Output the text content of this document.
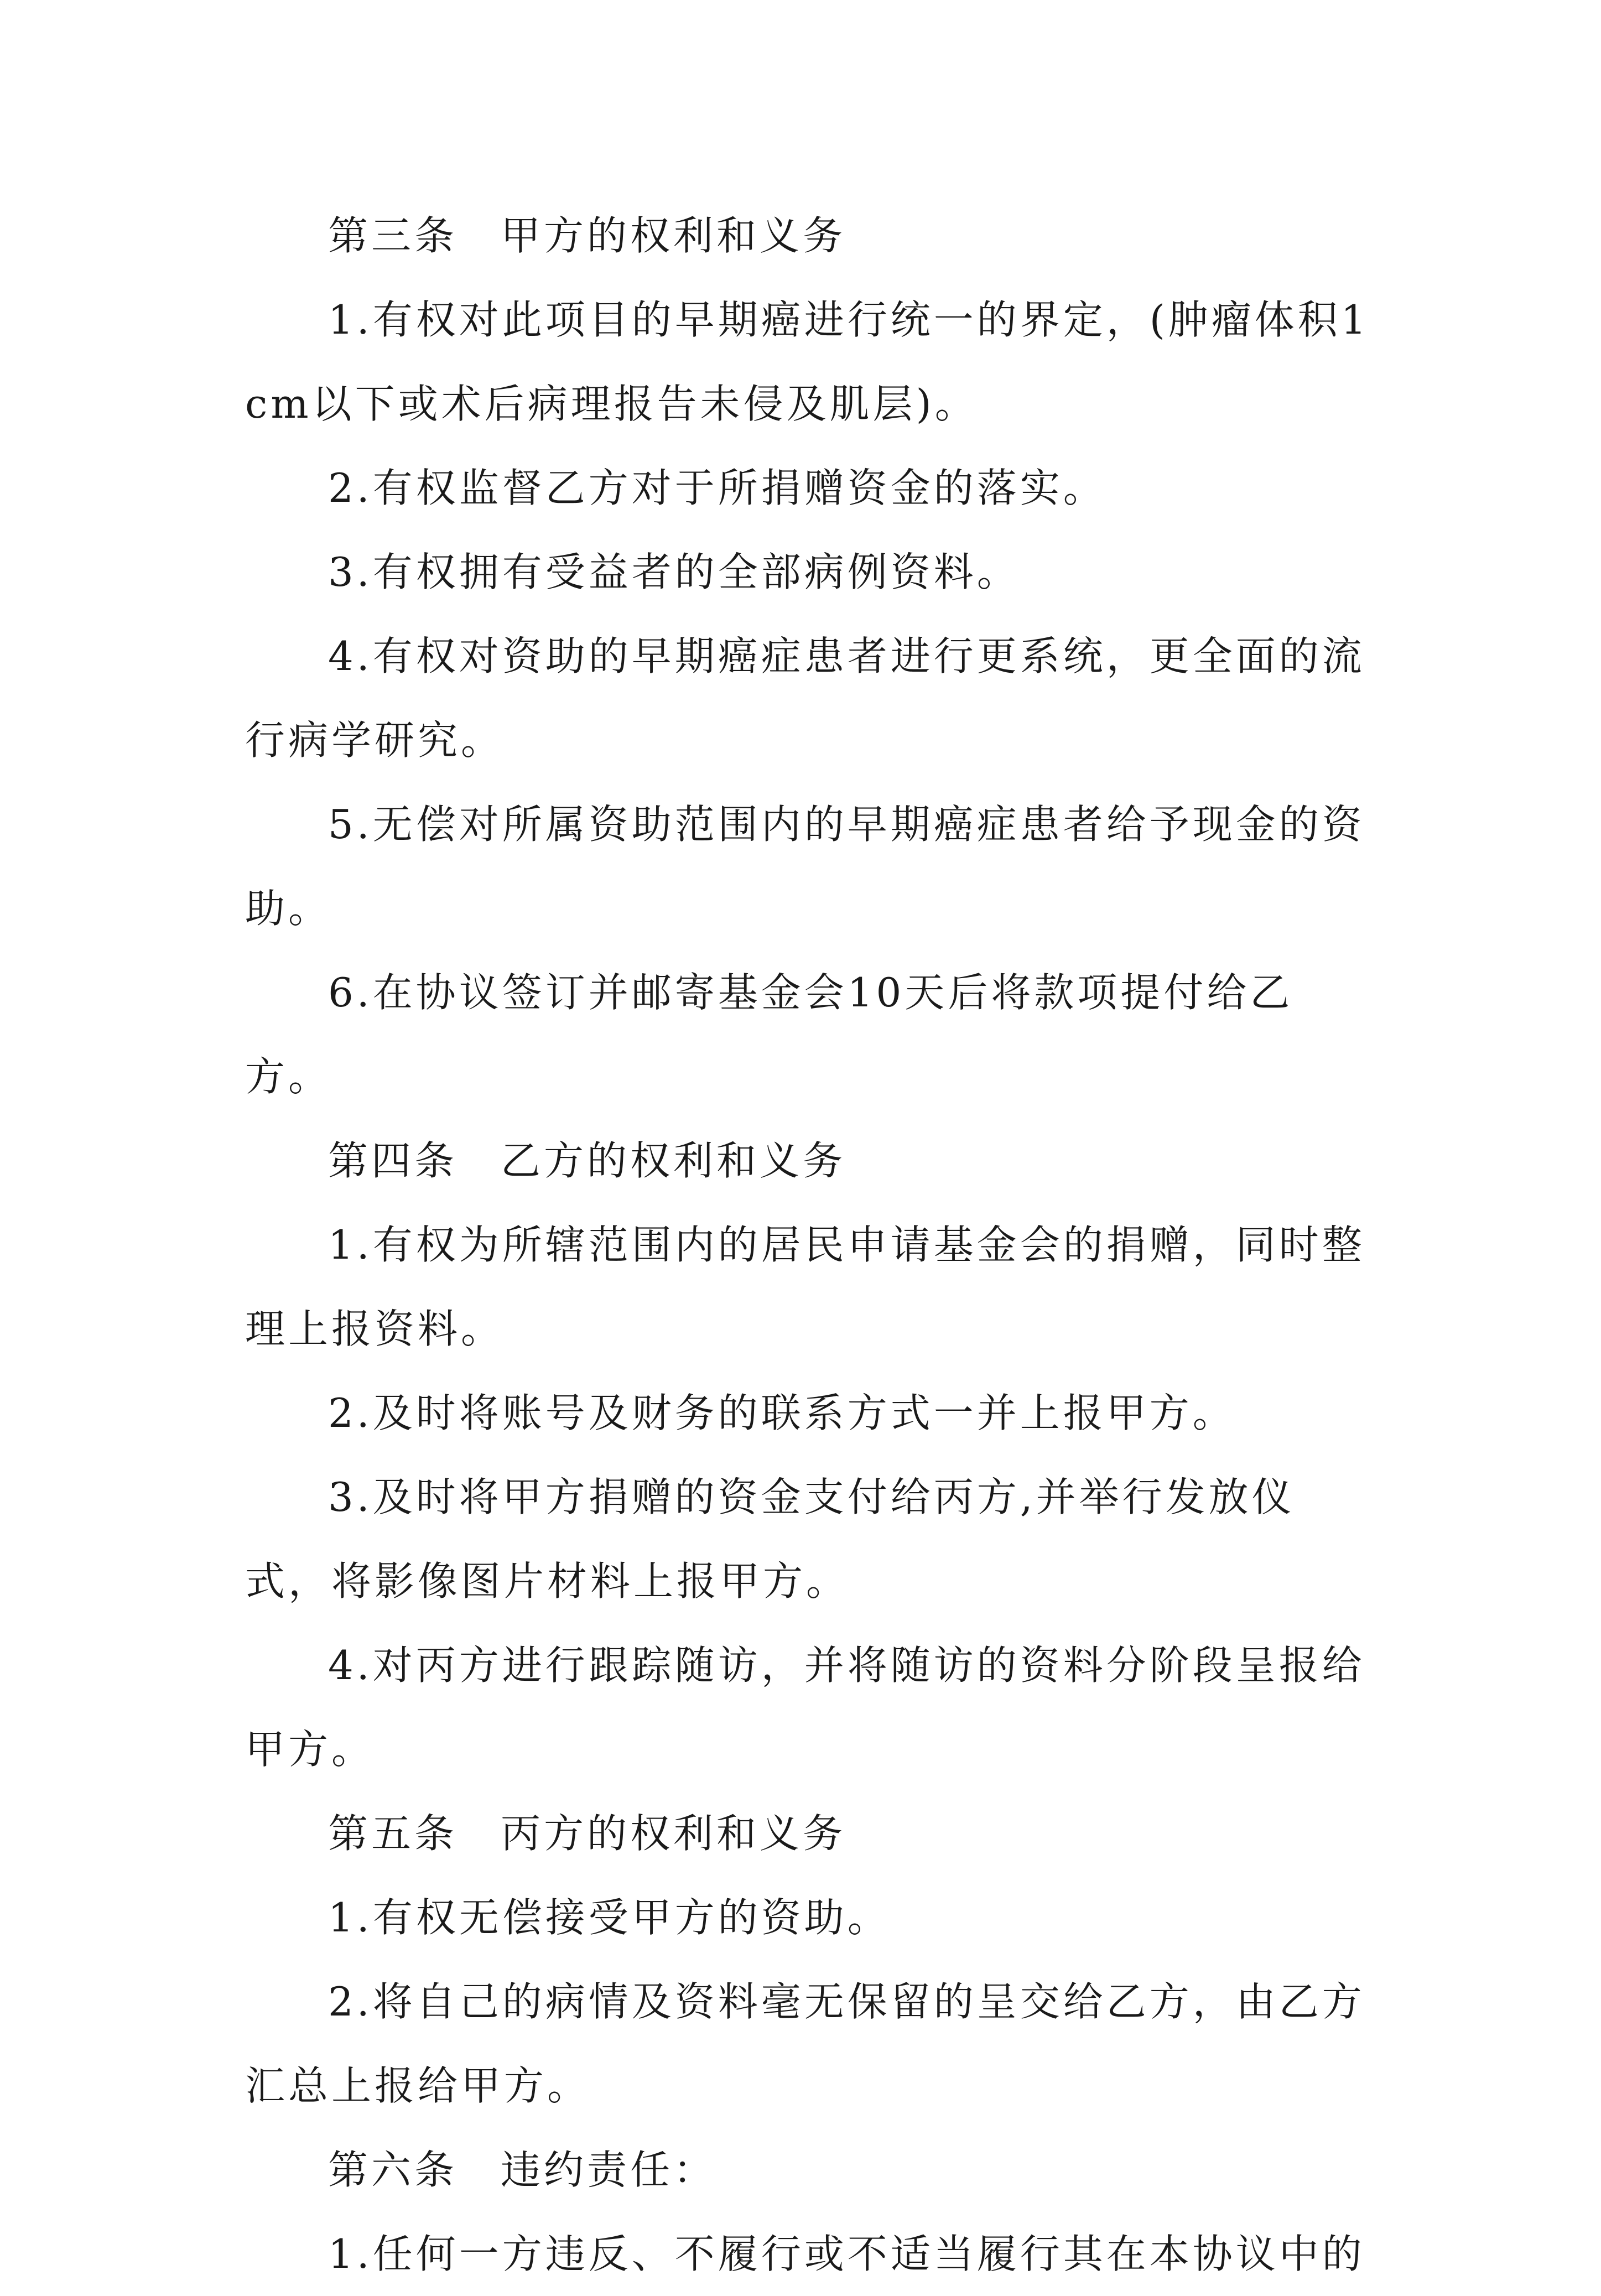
第三条　甲方的权利和义务

1.有权对此项目的早期癌进行统一的界定，(肿瘤体积1cm以下或术后病理报告未侵及肌层)。

2.有权监督乙方对于所捐赠资金的落实。

3.有权拥有受益者的全部病例资料。

4.有权对资助的早期癌症患者进行更系统，更全面的流行病学研究。

5.无偿对所属资助范围内的早期癌症患者给予现金的资助。

6.在协议签订并邮寄基金会10天后将款项提付给乙方。

第四条　乙方的权利和义务

1.有权为所辖范围内的居民申请基金会的捐赠，同时整理上报资料。

2.及时将账号及财务的联系方式一并上报甲方。

3.及时将甲方捐赠的资金支付给丙方,并举行发放仪式，将影像图片材料上报甲方。

4.对丙方进行跟踪随访，并将随访的资料分阶段呈报给甲方。

第五条　丙方的权利和义务

1.有权无偿接受甲方的资助。

2.将自己的病情及资料毫无保留的呈交给乙方，由乙方汇总上报给甲方。

第六条　违约责任：

1.任何一方违反、不履行或不适当履行其在本协议中的
